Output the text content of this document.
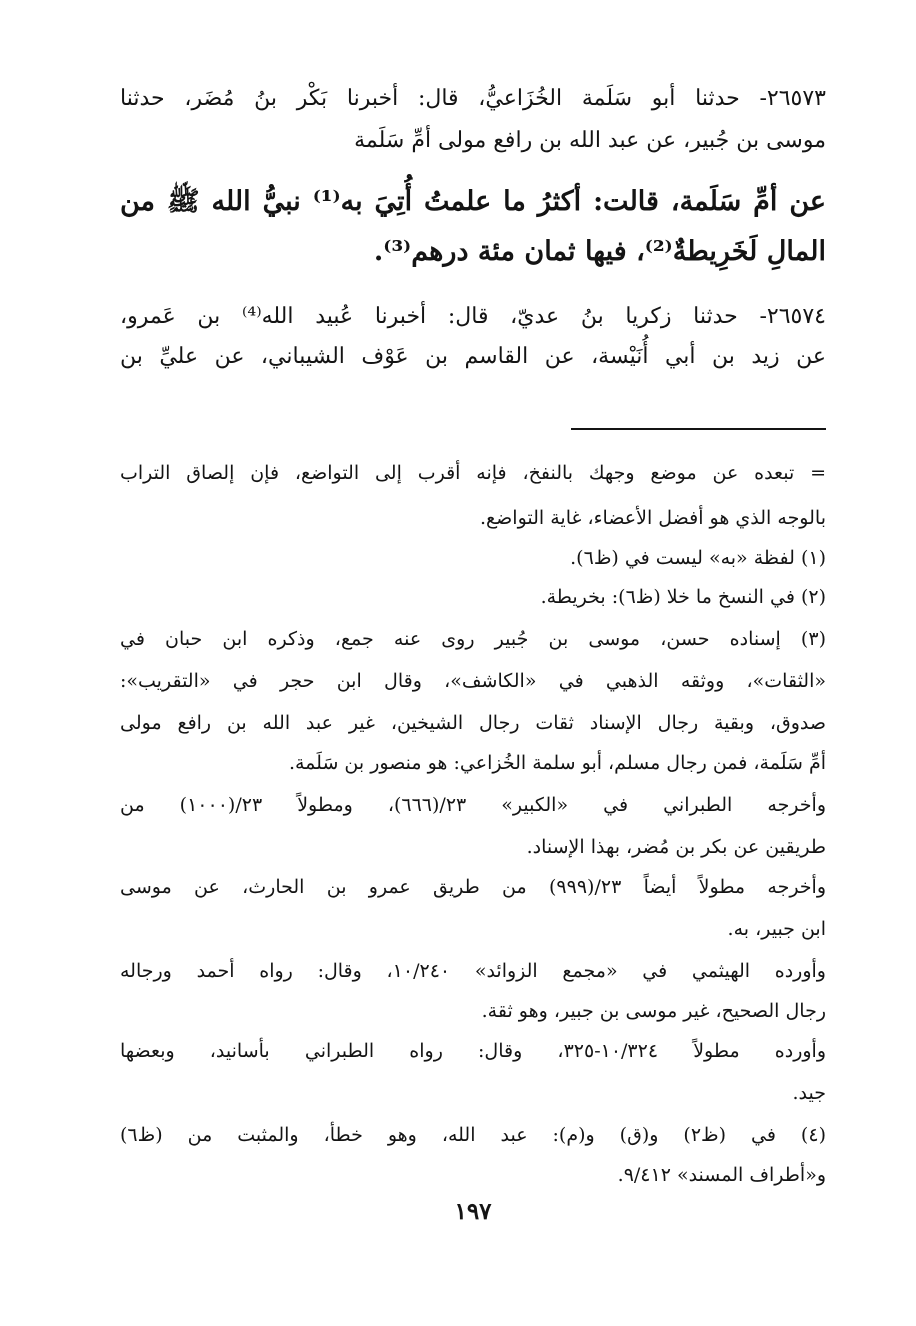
٢٦٥٧٣- حدثنا أبو سَلَمة الخُزَاعيُّ، قال: أخبرنا بَكْر بنُ مُضَر، حدثنا

موسى بن جُبير، عن عبد الله بن رافع مولى أمِّ سَلَمة

عن أمِّ سَلَمة، قالت: أكثرُ ما علمتُ أُتِيَ به⁽¹⁾ نبيُّ الله ﷺ من

المالِ لَخَرِيطةٌ⁽²⁾، فيها ثمان مئة درهم⁽³⁾.

٢٦٥٧٤- حدثنا زكريا بنُ عديّ، قال: أخبرنا عُبيد الله⁽⁴⁾ بن عَمرو،

عن زيد بن أبي أُنَيْسة، عن القاسم بن عَوْف الشيباني، عن عليِّ بن

= تبعده عن موضع وجهك بالنفخ، فإنه أقرب إلى التواضع، فإن إلصاق التراب

بالوجه الذي هو أفضل الأعضاء، غاية التواضع.

(١) لفظة «به» ليست في (ظ٦).

(٢) في النسخ ما خلا (ظ٦): بخريطة.

(٣) إسناده حسن، موسى بن جُبير روى عنه جمع، وذكره ابن حبان في

«الثقات»، ووثقه الذهبي في «الكاشف»، وقال ابن حجر في «التقريب»:

صدوق، وبقية رجال الإسناد ثقات رجال الشيخين، غير عبد الله بن رافع مولى

أمِّ سَلَمة، فمن رجال مسلم، أبو سلمة الخُزاعي: هو منصور بن سَلَمة.

وأخرجه الطبراني في «الكبير» ٢٣/(٦٦٦)، ومطولاً ٢٣/(١٠٠٠) من

طريقين عن بكر بن مُضر، بهذا الإسناد.

وأخرجه مطولاً أيضاً ٢٣/(٩٩٩) من طريق عمرو بن الحارث، عن موسى

ابن جبير، به.

وأورده الهيثمي في «مجمع الزوائد» ١٠/٢٤٠، وقال: رواه أحمد ورجاله

رجال الصحيح، غير موسى بن جبير، وهو ثقة.

وأورده مطولاً ١٠/٣٢٤-٣٢٥، وقال: رواه الطبراني بأسانيد، وبعضها

جيد.

(٤) في (ظ٢) و(ق) و(م): عبد الله، وهو خطأ، والمثبت من (ظ٦)

و«أطراف المسند» ٩/٤١٢.

١٩٧
